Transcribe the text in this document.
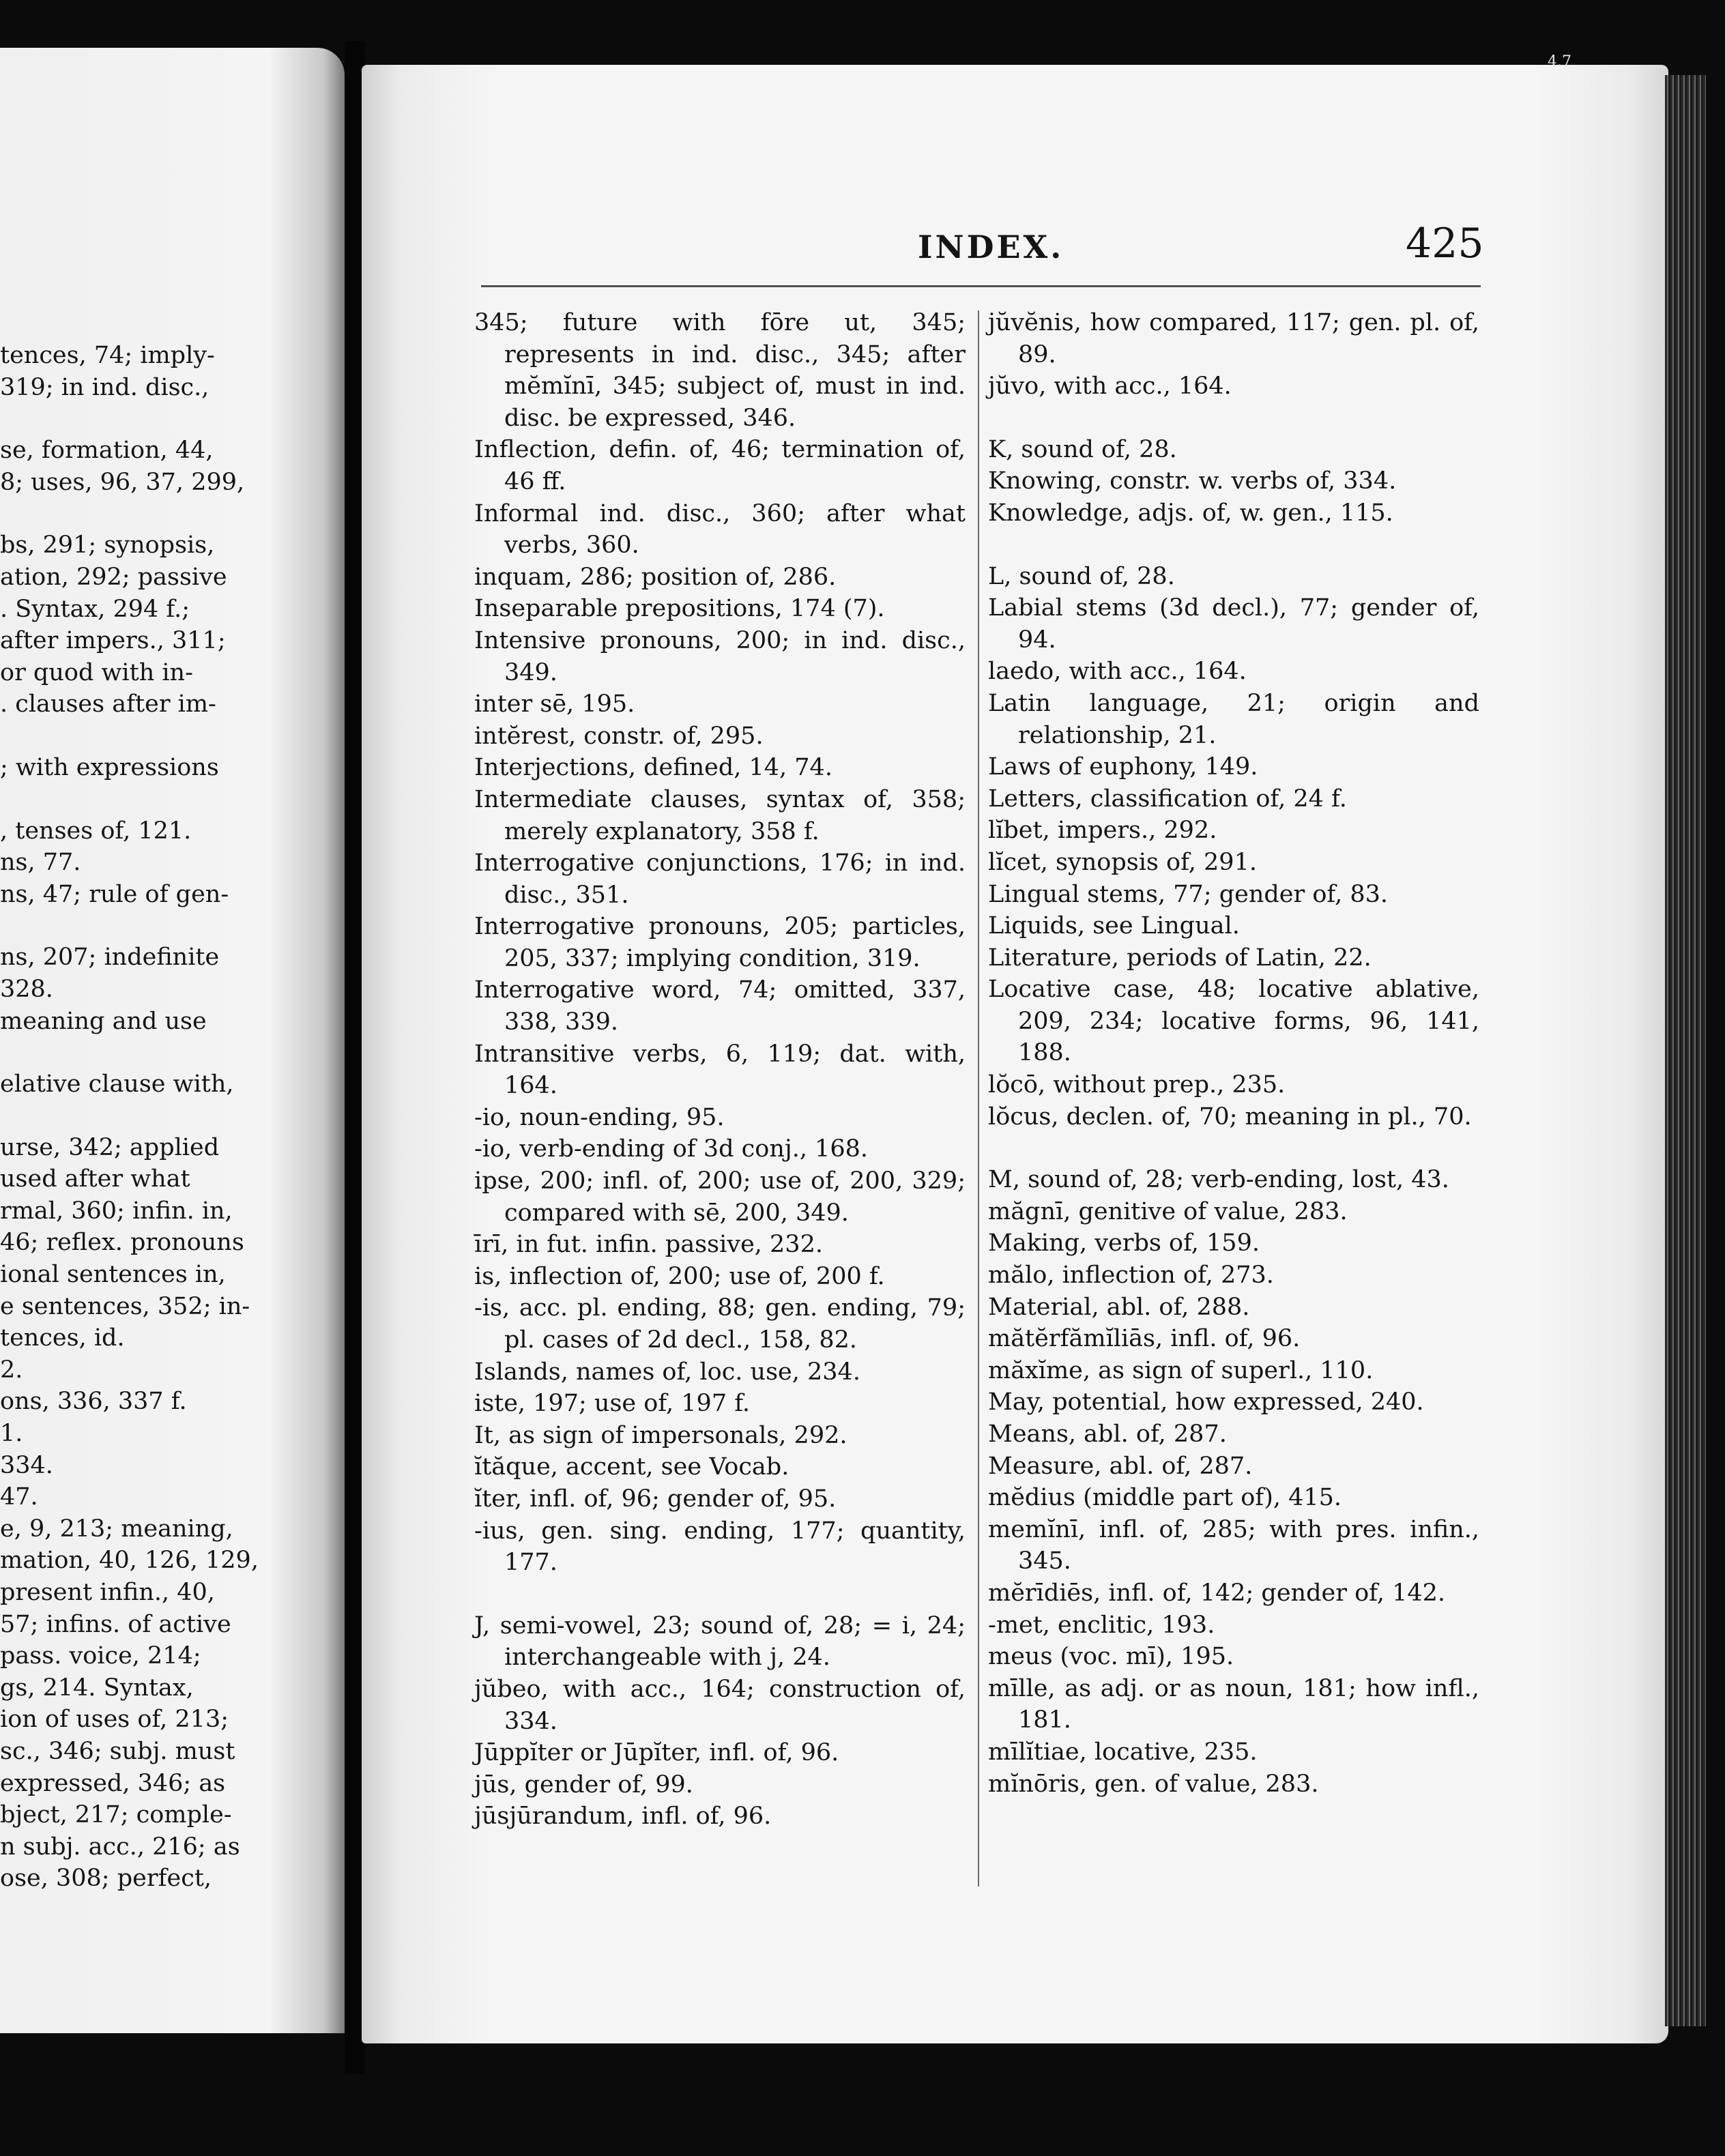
tences, 74; imply-
319; in ind. disc.,
se, formation, 44,
8; uses, 96, 37, 299,
bs, 291; synopsis,
ation, 292; passive
. Syntax, 294 f.;
after impers., 311;
or quod with in-
. clauses after im-
; with expressions
, tenses of, 121.
ns, 77.
ns, 47; rule of gen-
ns, 207; indefinite
328.
meaning and use
elative clause with,
urse, 342; applied
used after what
rmal, 360; infin. in,
46; reflex. pronouns
ional sentences in,
e sentences, 352; in-
tences, id.
2.
ons, 336, 337 f.
1.
334.
47.
e, 9, 213; meaning,
mation, 40, 126, 129,
present infin., 40,
57; infins. of active
pass. voice, 214;
gs, 214. Syntax,
ion of uses of, 213;
sc., 346; subj. must
expressed, 346; as
bject, 217; comple-
n subj. acc., 216; as
ose, 308; perfect,
4.7
INDEX.	425
345; future with fōre ut, 345; represents in ind. disc., 345; after mĕmĭnī, 345; subject of, must in ind. disc. be expressed, 346.
Inflection, defin. of, 46; termination of, 46 ff.
Informal ind. disc., 360; after what verbs, 360.
inquam, 286; position of, 286.
Inseparable prepositions, 174 (7).
Intensive pronouns, 200; in ind. disc., 349.
inter sē, 195.
intĕrest, constr. of, 295.
Interjections, defined, 14, 74.
Intermediate clauses, syntax of, 358; merely explanatory, 358 f.
Interrogative conjunctions, 176; in ind. disc., 351.
Interrogative pronouns, 205; particles, 205, 337; implying condition, 319.
Interrogative word, 74; omitted, 337, 338, 339.
Intransitive verbs, 6, 119; dat. with, 164.
-io, noun-ending, 95.
-io, verb-ending of 3d conj., 168.
ipse, 200; infl. of, 200; use of, 200, 329; compared with sē, 200, 349.
īrī, in fut. infin. passive, 232.
is, inflection of, 200; use of, 200 f.
-is, acc. pl. ending, 88; gen. ending, 79; pl. cases of 2d decl., 158, 82.
Islands, names of, loc. use, 234.
iste, 197; use of, 197 f.
It, as sign of impersonals, 292.
ĭtăque, accent, see Vocab.
ĭter, infl. of, 96; gender of, 95.
-ius, gen. sing. ending, 177; quantity, 177.
J, semi-vowel, 23; sound of, 28; = i, 24; interchangeable with j, 24.
jŭbeo, with acc., 164; construction of, 334.
Jūppĭter or Jūpĭter, infl. of, 96.
jūs, gender of, 99.
jūsjūrandum, infl. of, 96.
jŭvĕnis, how compared, 117; gen. pl. of, 89.
jŭvo, with acc., 164.
K, sound of, 28.
Knowing, constr. w. verbs of, 334.
Knowledge, adjs. of, w. gen., 115.
L, sound of, 28.
Labial stems (3d decl.), 77; gender of, 94.
laedo, with acc., 164.
Latin language, 21; origin and relationship, 21.
Laws of euphony, 149.
Letters, classification of, 24 f.
lĭbet, impers., 292.
lĭcet, synopsis of, 291.
Lingual stems, 77; gender of, 83.
Liquids, see Lingual.
Literature, periods of Latin, 22.
Locative case, 48; locative ablative, 209, 234; locative forms, 96, 141, 188.
lŏcō, without prep., 235.
lŏcus, declen. of, 70; meaning in pl., 70.
M, sound of, 28; verb-ending, lost, 43.
măgnī, genitive of value, 283.
Making, verbs of, 159.
mălo, inflection of, 273.
Material, abl. of, 288.
mătĕrfămĭliās, infl. of, 96.
măxĭme, as sign of superl., 110.
May, potential, how expressed, 240.
Means, abl. of, 287.
Measure, abl. of, 287.
mĕdius (middle part of), 415.
memĭnī, infl. of, 285; with pres. infin., 345.
mĕrīdiēs, infl. of, 142; gender of, 142.
-met, enclitic, 193.
meus (voc. mī), 195.
mīlle, as adj. or as noun, 181; how infl., 181.
mīlĭtiae, locative, 235.
mĭnōris, gen. of value, 283.
